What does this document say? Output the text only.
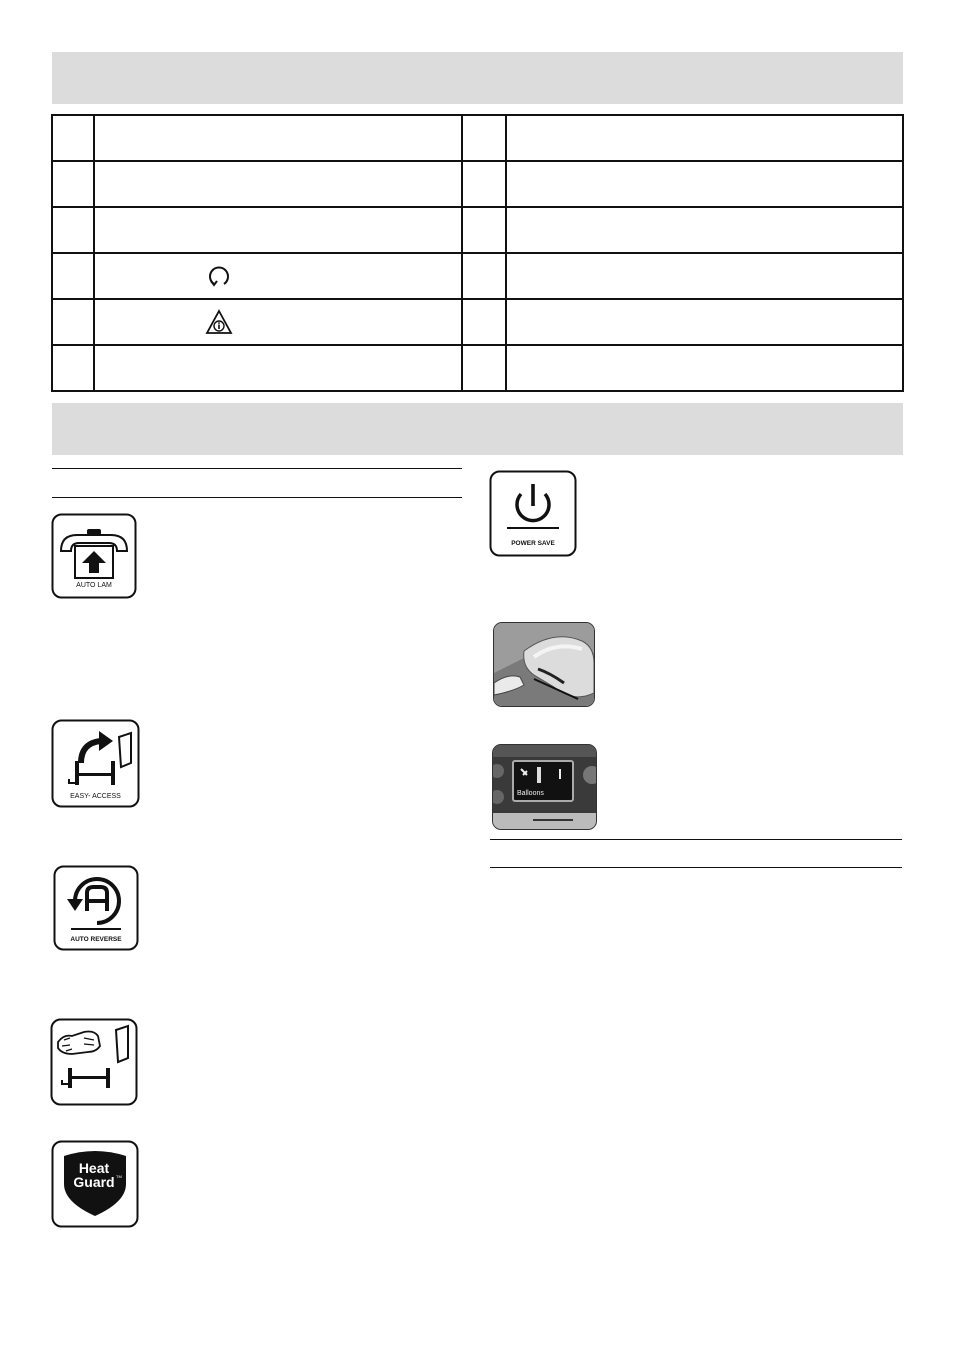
AUTO LAM
EASY- ACCESS
AUTO REVERSE
Heat
Guard TM
POWER SAVE
Balloons
